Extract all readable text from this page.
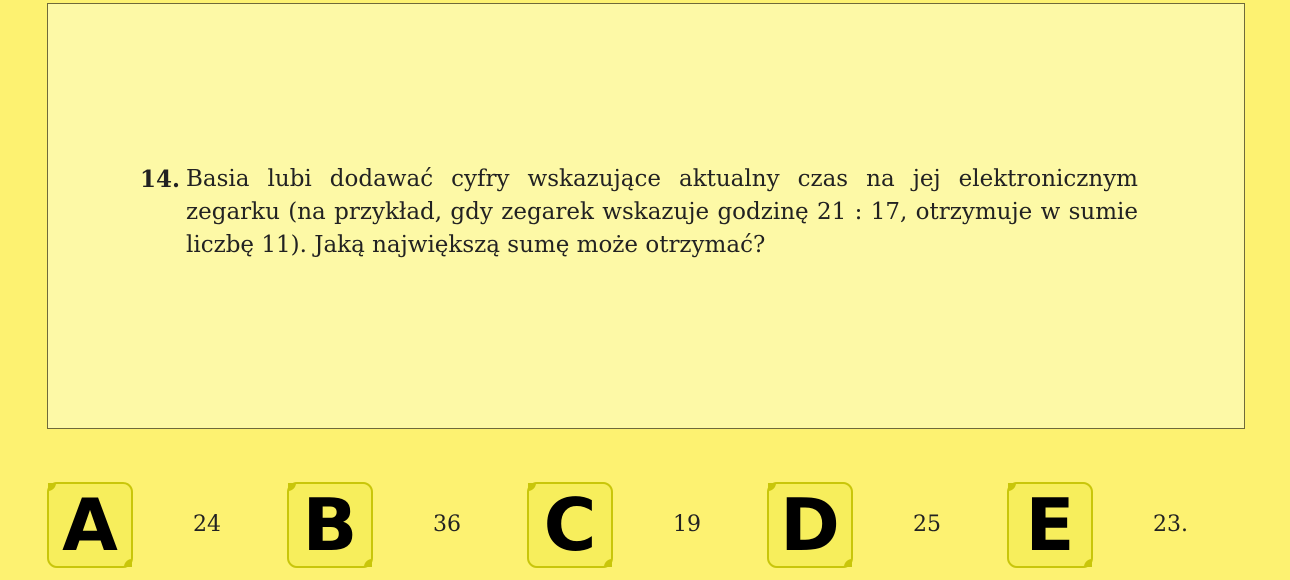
14. Basia lubi dodawać cyfry wskazujące aktualny czas na jej elektronicznym zegarku (na przykład, gdy zegarek wskazuje godzinę 21 : 17, otrzymuje w sumie liczbę 11). Jaką największą sumę może otrzymać?
A	24 B	36 C	19 D	25 E	23.
